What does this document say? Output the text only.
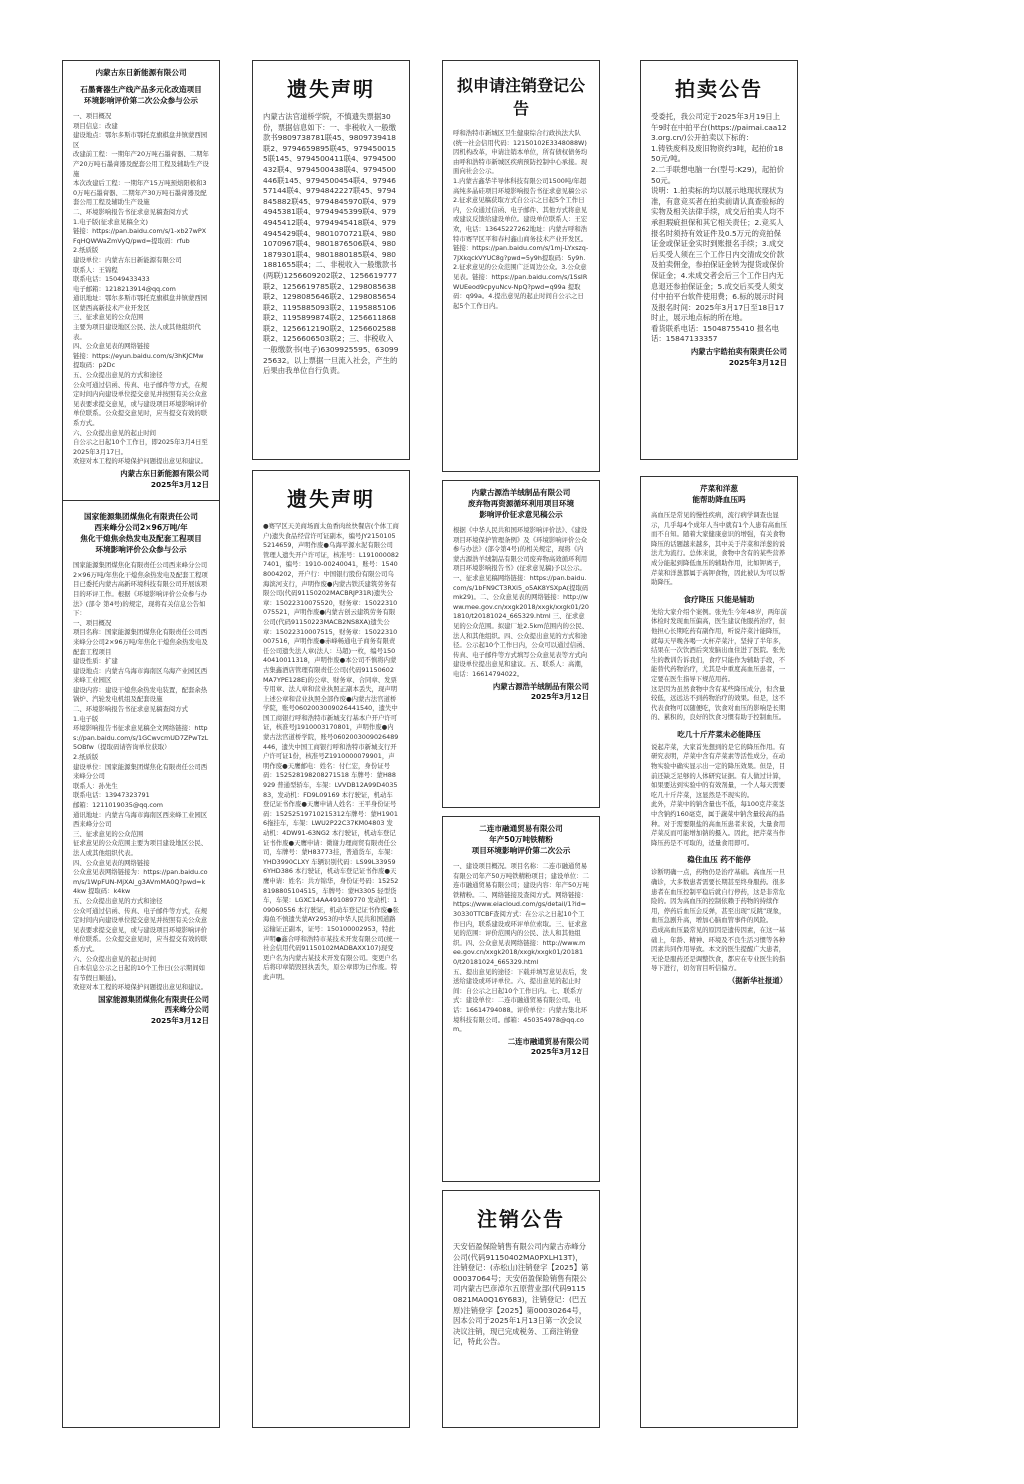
内蒙古东日新能源有限公司
石墨膏器生产线产品多元化改造项目
环境影响评价第二次公众参与公示
一、项目概况
项目信息：改建
建设地点：鄂尔多斯市鄂托克旗棋盘井镇蒙西园区
改建前工程：一期年产20万吨石墨膏器、二期年产20万吨石墨膏器及配套公用工程及辅助生产设施
本次改建后工程：一期年产15万吨预焙阳极和30万吨石墨膏器、二期年产30万吨石墨膏器及配套公用工程及辅助生产设施
二、环境影响报告书征求意见稿查阅方式
1.电子版(征求意见稿全文)
链接：https://pan.baidu.com/s/1-xb27wPXFqHQWWaZmVyQ/pwd=提取码：rfub
2.纸质版
建设单位：内蒙古东日新能源有限公司
联系人：王锦程
联系电话：15049433433
电子邮箱：1218213914@qq.com
通讯地址：鄂尔多斯市鄂托克旗棋盘井镇蒙西园区蒙西高新技术产业开发区
三、征求意见的公众范围
主要为项目建设地区公民、法人或其他组织代表。
四、公众意见表的网络链接
链接：https://eyun.baidu.com/s/3hKJCMw 提取码：p2Dc
五、公众提出意见的方式和途径
公众可通过信函、传真、电子邮件等方式，在规定时间内向建设单位提交意见并按照有关公众意见表要求提交意见，或与建设项目环境影响评价单位联系。公众提交意见时，应当提交有效的联系方式。
六、公众提出意见的起止时间
自公示之日起10个工作日，即2025年3月4日至2025年3月17日。
欢迎对本工程的环境保护问题提出意见和建议。
内蒙古东日新能源有限公司
2025年3月12日
国家能源集团煤焦化有限责任公司
西来峰分公司2×96万吨/年
焦化干熄焦余热发电及配套工程项目
环境影响评价公众参与公示
国家能源集团煤焦化有限责任公司西来峰分公司2×96万吨/年焦化干熄焦余热发电及配套工程项目已委托内蒙古高新环境科技有限公司开展该项目的环评工作。根据《环境影响评价公众参与办法》(部令 第4号)的规定，现将有关信息公告如下：
一、项目概况
项目名称：国家能源集团煤焦化有限责任公司西来峰分公司2×96万吨/年焦化干熄焦余热发电及配套工程项目
建设性质：扩建
建设地点：内蒙古乌海市海南区乌海产业园区西来峰工业园区
建设内容：建设干熄焦余热发电装置，配套余热锅炉、汽轮发电机组及配套设施
二、环境影响报告书征求意见稿查阅方式
1.电子版
环境影响报告书征求意见稿全文网络链接：https://pan.baidu.com/s/1GCwvcmUD7ZPwTzL5OBfw（提取码请咨询单位获取）
2.纸质版
建设单位：国家能源集团煤焦化有限责任公司西来峰分公司
联系人：孙先生
联系电话：13947323791
邮箱：1211019035@qq.com
通讯地址：内蒙古乌海市海南区西来峰工业园区西来峰分公司
三、征求意见的公众范围
征求意见的公众范围主要为项目建设地区公民、法人或其他组织代表。
四、公众意见表的网络链接
公众意见表网络链接为：https://pan.baidu.com/s/1WpFUN-MjXAl_g3AVmMA0Q?pwd=k4kw 提取码：k4kw
五、公众提出意见的方式和途径
公众可通过信函、传真、电子邮件等方式，在规定时间内向建设单位提交意见并按照有关公众意见表要求提交意见，或与建设项目环境影响评价单位联系。公众提交意见时，应当提交有效的联系方式。
六、公众提出意见的起止时间
自本信息公示之日起的10个工作日(公示期间如有节假日顺延)。
欢迎对本工程的环境保护问题提出意见和建议。
国家能源集团煤焦化有限责任公司
西来峰分公司
2025年3月12日
遗失声明
内蒙古法官道桥学院，不慎遗失票据30份，票据信息如下：一、非税收入一般缴款书9809738781联45、9809739418联2、9794659895联45、9794500155联145、9794500411联4、9794500432联4、9794500438联4、9794500446联145、9794500454联4、9794657144联4、9794842227联45、9794845882联45、9794845970联4、9794945381联4、9794945399联4、9794945412联4、9794945418联4、9794945429联4、9801070721联4、9801070967联4、9801876506联4、9801879301联4、9801880185联4、9801881655联4；二、非税收入一般缴款书(两联)1256609202联2、1256619777联2、1256619785联2、1298085638联2、1298085646联2、1298085654联2、1195885093联2、1195885106联2、1195899874联2、1256611868联2、1256612190联2、1256602588联2、1256606503联2；三、非税收入一般缴款书(电子)6309925595、6309925632。以上票据一旦流入社会，产生的后果由我单位自行负责。
遗失声明
●赛罕区天美商场面太鱼香肉丝快餐店(个体工商户)遗失食品经营许可证副本，编号JY21501055214659，声明作废●乌海平源水泥有限公司管理人遗失开户许可证，核准号：L1910000827401，编号：1910-00240041，账号：15408004202，开户行：中国银行股份有限公司乌海滨河支行，声明作废●内蒙古铁沃建筑劳务有限公司(代码91150202MACBRJP31R)遗失公章：15022310075520，财务章：15022310075521，声明作废●内蒙古创云建筑劳务有限公司(代码91150223MACB2NS8XA)遗失公章：15022310007515，财务章：15022310007516，声明作废●赤峰畅通电子商务有限责任公司遗失法人章(法人：马超)一枚，编号15040410011318，声明作废●本公司不慎将内蒙古集鑫酒店管理有限责任公司(代码91150602MA7YPE128E)的公章、财务章、合同章、发票专用章、法人章和营业执照正副本丢失，现声明上述公章和营业执照全部作废●内蒙古法官道桥学院，账号0602003009026441540，遗失中国工商银行呼和浩特市新城支行基本户开户许可证，核准号J1910003170801，声明作废●内蒙古法官道桥学院，账号0602003009026489446，遗失中国工商银行呼和浩特市新城支行开户许可证1份，核准号Z1910000079901，声明作废●天鹰邮电：姓名：付仁宏，身份证号码：152528198208271518 车牌号：蒙H88929 普通型轿车，车架：LVVDB12A99D403583，发动机：FD9L09169 本行驶证，机动车登记证书作废●天鹰申请人姓名：王平身份证号码：15252519710215312车牌号：蒙H19016拖挂车，车架：LWU2P22C37KM04803 发动机：4DW91-63NG2 本行驶证，机动车登记证书作废●天鹰申请：微谢力理商贸有限责任公司，车牌号：蒙H83773挂，普通货车，车架：YHD3990CLXY 车辆识别代码：LS99L339596YHD386 本行驶证，机动车登记证书作废●天鹰申请：姓名：共方锦华，身份证号码：152528198805104515，车牌号：蒙H3305 轻型货车，车架：LGXC14AA491089770 发动机：109060556 本行驶证，机动车登记证书作废●张海鱼不慎遗失蒙AY2953的中华人民共和国道路运输证正副本，证号：150100002953，特此声明●鑫合呼和浩特市某技术开发有限公司(统一社会信用代码91150102MADBAXX107)现变更户名为内蒙古某技术开发有限公司。变更户名后将印章销毁回执丢失，原公章即为已作废。特此声明。
拟申请注销登记公告
呼和浩特市新城区卫生健康综合行政执法大队(统一社会信用代码：12150102E3348088W)因机构改革，申请注销本单位，所有债权债务均由呼和浩特市新城区疾病预防控制中心承接。现面向社会公示。
1.内蒙古鑫华半导体科技有限公司1500吨/年超高纯多晶硅项目环境影响报告书征求意见稿公示
2.征求意见稿获取方式自公示之日起5个工作日内，公众通过信函、电子邮件、其他方式将意见或建议反馈给建设单位。建设单位联系人：王宏欢，电话：13645227262地址：内蒙古呼和浩特市赛罕区平和春村鑫山商务技术产业开发区。链接：https://pan.baidu.com/s/1mj-LYxszq-7JXkqckVYUC8g?pwd=5y9h提取码：5y9h.2.征求意见的公众范围广泛周边公众。3.公众意见表。链接：https://pan.baidu.com/s/1SsIRWUEeod9cpyuNcv-NpQ?pwd=q99a 提取码：q99a。4.提出意见的起止时间自公示之日起5个工作日内。
内蒙古源浩羊绒制品有限公司
废弃物再资源循环利用项目环境
影响评价征求意见稿公示
根据《中华人民共和国环境影响评价法》、《建设项目环境保护管理条例》及《环境影响评价公众参与办法》(部令第4号)的相关规定，现将《内蒙古源浩羊绒制品有限公司废弃物高效循环利用项目环境影响报告书》(征求意见稿)予以公示。一、征求意见稿网络链接：https://pan.baidu.com/s/1bFN9CT3RXi5_o5AK8YSXpA(提取码mk29)。二、公众意见表的网络链接：http://www.mee.gov.cn/xxgk2018/xxgk/xxgk01/201810/t20181024_665329.html 三、征求意见的公众范围。拟建厂址2.5km范围内的公民、法人和其他组织。四、公众提出意见的方式和途径。公示起10个工作日内，公众可以通过信函、传真、电子邮件等方式填写公众意见表等方式向建设单位提出意见和建议。五、联系人：高潮，电话：16614794022。
内蒙古源浩羊绒制品有限公司
2025年3月12日
二连市融通贸易有限公司
年产50万吨铁精粉
项目环境影响评价第二次公示
一、建设项目概况。项目名称：二连市融通贸易有限公司年产50万吨铁精粉项目；建设单位：二连市融通贸易有限公司；建设内容：年产50万吨铁精粉。二、网络链接及查阅方式。网络链接：https://www.eiacloud.com/gs/detail/1?id=30330TTCBF查阅方式：在公示之日起10个工作日内，联系建设或环评单位索取。三、征求意见的范围：评价范围内的公民、法人和其他组织。四、公众意见表网络链接：http://www.mee.gov.cn/xxgk2018/xxgk/xxgk01/201810/t20181024_665329.html
五、提出意见的途径：下载并填写意见表后，发送给建设或环评单位。六、提出意见的起止时间：自公示之日起10个工作日内。七、联系方式：建设单位：二连市融通贸易有限公司。电话：16614794088。评价单位：内蒙古集北环境科技有限公司。邮箱：450354978@qq.com。
二连市融通贸易有限公司
2025年3月12日
注销公告
天安佰盈保险销售有限公司内蒙古赤峰分公司(代码91150402MA0PXLH13T)，注销登记：(赤松山)注销登字【2025】第00037064号；天安佰盈保险销售有限公司内蒙古巴彦淖尔五原营业部(代码91150821MA0Q16Y683)，注销登记：(巴五原)注销登字【2025】第00030264号，因本公司于2025年1月13日第一次会议决议注销，现已完成税务、工商注销登记，特此公告。
拍卖公告
受委托，我公司定于2025年3月19日上午9时在中拍平台(https://paimai.caa123.org.cn/)公开拍卖以下标的：
1.铸铁废料及废旧物资约3吨，起拍价1850元/吨。
2.二手联想电脑一台(型号:K29)，起拍价50元。
说明：1.拍卖标的均以展示地现状现状为准，有意竞买者在拍卖前请认真查验标的实物及相关法律手续，成交后拍卖人均不承担瑕疵担保和其它相关责任；2.竞买人报名时须持有效证件及0.5万元的竞拍保证金或保证金实时到账报名手续；3.成交后买受人须在三个工作日内交清成交价款及拍卖佣金，参拍保证金转为提货或保价保证金；4.未成交者会后三个工作日内无息退还参拍保证金；5.成交后买受人须支付中拍平台软件使用费；6.标的展示时间及报名时间：2025年3月17日至18日17时止，展示地点标的所在地。
看货联系电话：15048755410 报名电话：15847133357
内蒙古宇皓拍卖有限责任公司
2025年3月12日
芹菜和洋葱
能帮助降血压吗
高血压是常见的慢性疾病，流行病学调查也显示，几乎每4个成年人当中就有1个人患有高血压而不自知。随着大家健康意识的增强，有关食物降压的话题越来越多，其中关于芹菜和洋葱的说法尤为流行。总体来说，食物中含有的某些营养成分能起到降低血压的辅助作用，比如钾离子，芹菜和洋葱都属于高钾食物，因此被认为可以帮助降压。
食疗降压 只能是辅助
先给大家介绍个案例。张先生今年48岁，两年前体检时发现血压偏高，医生建议他服药治疗，但他担心长期吃药有副作用，听说芹菜汁能降压，就每天早晚各喝一大杯芹菜汁，坚持了半年多，结果在一次饮酒后突发脑出血住进了医院。张先生的教训告诉我们，食疗只能作为辅助手段，不能替代药物治疗，尤其是中重度高血压患者，一定要在医生指导下规范用药。
这是因为虽然食物中含有某些降压成分，但含量较低，远远达不到药物治疗的效果。但是，这不代表食物可以随便吃，饮食对血压的影响是长期的、累积的，良好的饮食习惯有助于控制血压。
吃几十斤芹菜未必能降压
说起芹菜，大家首先想到的是它的降压作用。有研究表明，芹菜中含有芹菜素等活性成分，在动物实验中确实显示出一定的降压效果。但是，目前还缺乏足够的人体研究证据。有人做过计算，如果要达到实验中的有效剂量，一个人每天需要吃几十斤芹菜，这显然是不现实的。
此外，芹菜中的钠含量也不低，每100克芹菜茎中含钠约160毫克，属于蔬菜中钠含量较高的品种。对于需要限盐的高血压患者来说，大量食用芹菜反而可能增加钠的摄入。因此，把芹菜当作降压药是不可取的，适量食用即可。
稳住血压 药不能停
诊断明确一点，药物仍是治疗基础。高血压一旦确诊，大多数患者需要长期甚至终身服药。很多患者在血压控制平稳后就自行停药，这是非常危险的。因为高血压的控制依赖于药物的持续作用，停药后血压会反弹，甚至出现“反跳”现象，血压急剧升高，增加心脑血管事件的风险。
造成高血压最常见的原因是遗传因素，在这一基础上，年龄、精神、环境及不良生活习惯等各种因素共同作用导致。本文的医生提醒广大患者，无论是服药还是调整饮食，都应在专业医生的指导下进行，切勿盲目听信偏方。
（据新华社报道）
